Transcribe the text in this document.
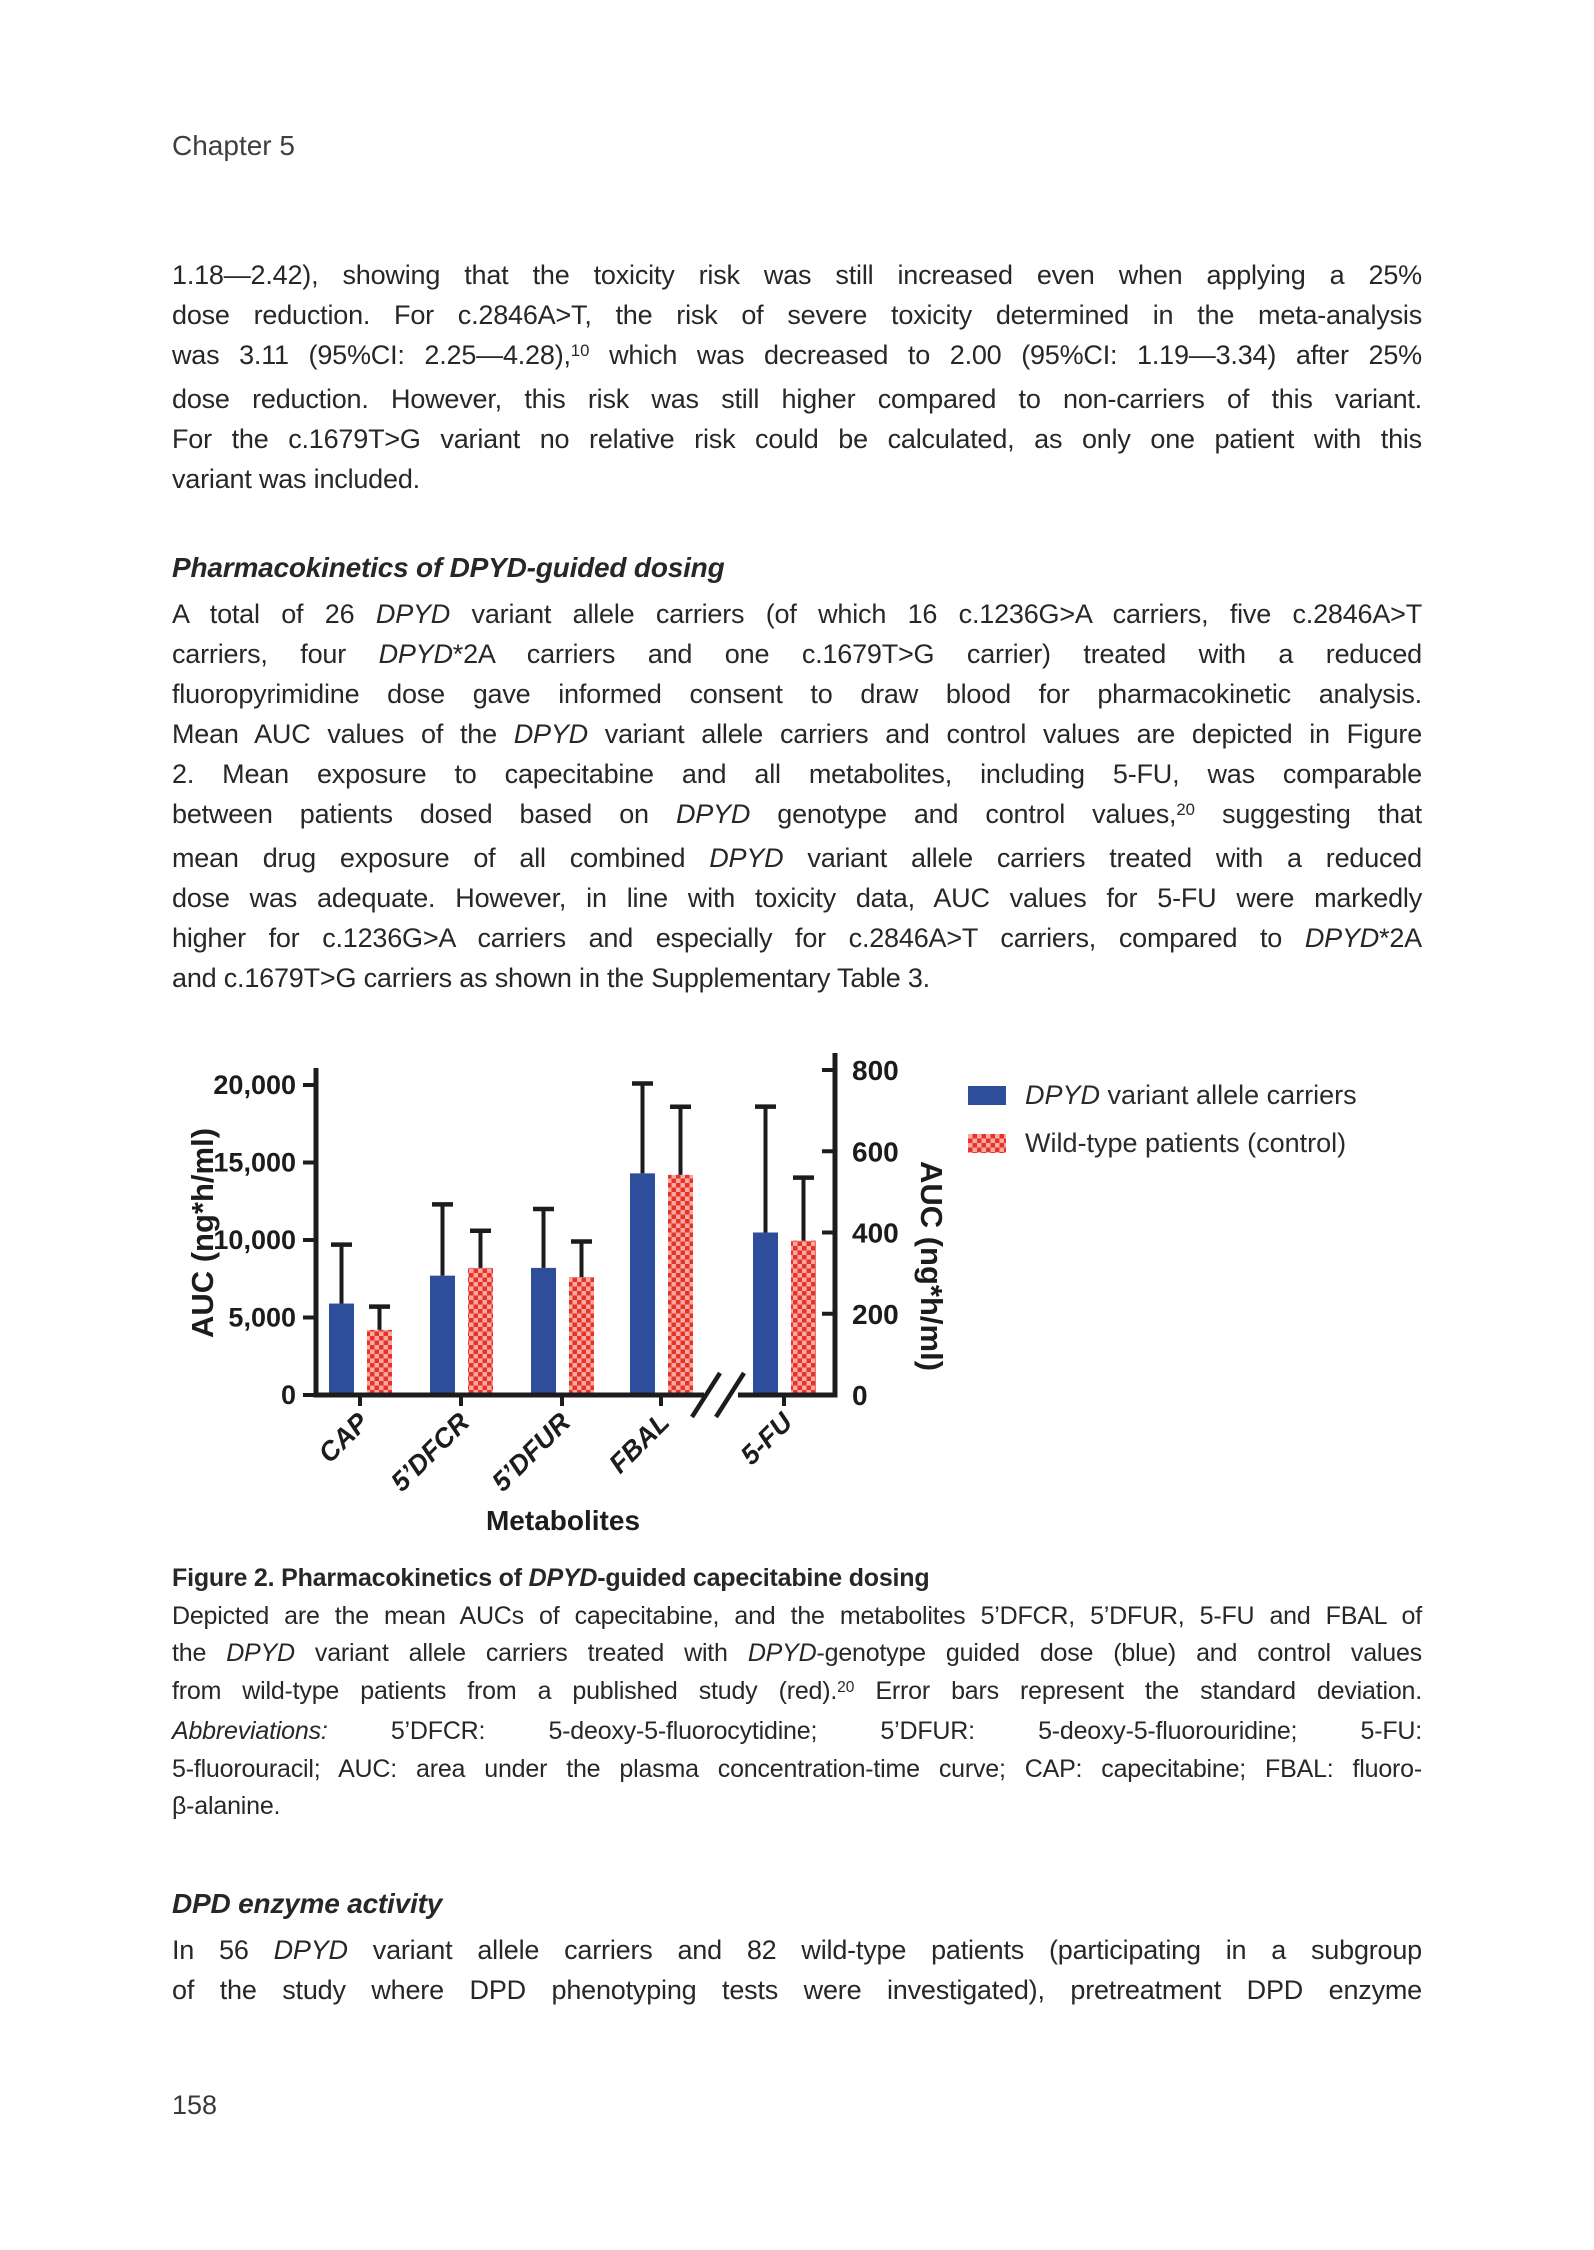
Chapter 5
1.18—2.42), showing that the toxicity risk was still increased even when applying a 25%
dose reduction. For c.2846A>T, the risk of severe toxicity determined in the meta-analysis
was 3.11 (95%CI: 2.25—4.28),$^{10}$ which was decreased to 2.00 (95%CI: 1.19—3.34) after 25%
dose reduction. However, this risk was still higher compared to non-carriers of this variant.
For the c.1679T>G variant no relative risk could be calculated, as only one patient with this
variant was included.
Pharmacokinetics of DPYD-guided dosing
A total of 26 DPYD variant allele carriers (of which 16 c.1236G>A carriers, five c.2846A>T
carriers, four DPYD*2A carriers and one c.1679T>G carrier) treated with a reduced
fluoropyrimidine dose gave informed consent to draw blood for pharmacokinetic analysis.
Mean AUC values of the DPYD variant allele carriers and control values are depicted in Figure
2. Mean exposure to capecitabine and all metabolites, including 5-FU, was comparable
between patients dosed based on DPYD genotype and control values,$^{20}$ suggesting that
mean drug exposure of all combined DPYD variant allele carriers treated with a reduced
dose was adequate. However, in line with toxicity data, AUC values for 5-FU were markedly
higher for c.1236G>A carriers and especially for c.2846A>T carriers, compared to DPYD*2A
and c.1679T>G carriers as shown in the Supplementary Table 3.
0
5,000
10,000
15,000
20,000
0
200
400
600
800
CAP 5’DFCR 5’DFUR FBAL 5-FU
AUC (ng*h/ml)	AUC (ng*h/ml)
Metabolites
DPYD variant allele carriers
Wild-type patients (control)
Figure 2. Pharmacokinetics of DPYD-guided capecitabine dosing
Depicted are the mean AUCs of capecitabine, and the metabolites 5’DFCR, 5’DFUR, 5-FU and FBAL of
the DPYD variant allele carriers treated with DPYD-genotype guided dose (blue) and control values
from wild-type patients from a published study (red).$^{20}$ Error bars represent the standard deviation.
Abbreviations: 5’DFCR: 5-deoxy-5-fluorocytidine; 5’DFUR: 5-deoxy-5-fluorouridine; 5-FU:
5-fluorouracil; AUC: area under the plasma concentration-time curve; CAP: capecitabine; FBAL: fluoro-
β-alanine.
DPD enzyme activity
In 56 DPYD variant allele carriers and 82 wild-type patients (participating in a subgroup
of the study where DPD phenotyping tests were investigated), pretreatment DPD enzyme
158
